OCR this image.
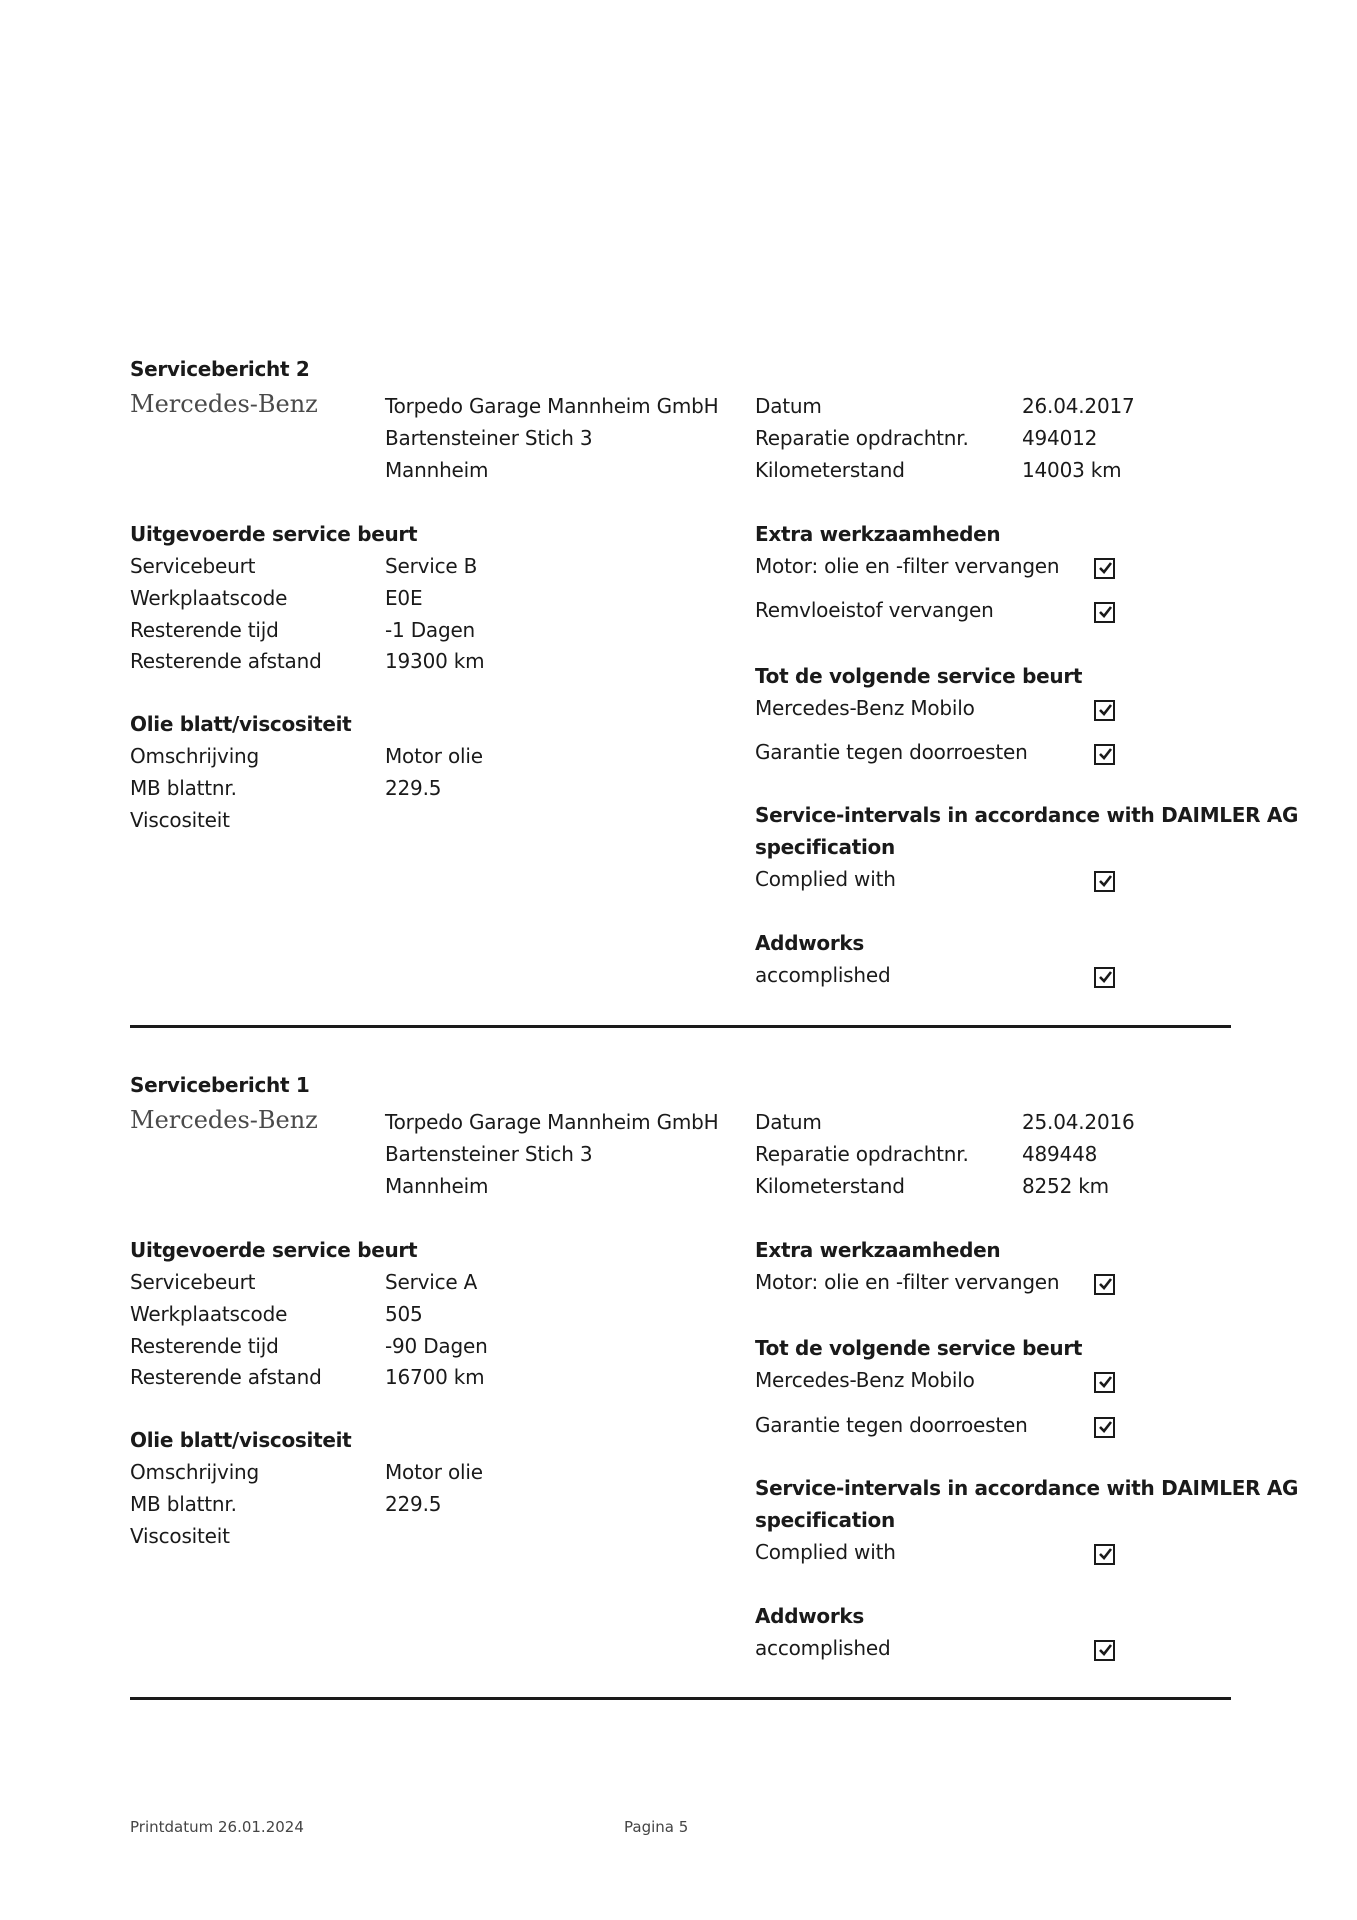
Servicebericht 2
Mercedes-Benz	Torpedo Garage Mannheim GmbH
Bartensteiner Stich 3
Mannheim
Datum	26.04.2017
Reparatie opdrachtnr.	494012
Kilometerstand	14003 km
Uitgevoerde service beurt
Servicebeurt	Service B
Werkplaatscode	E0E
Resterende tijd	-1 Dagen
Resterende afstand	19300 km
Olie blatt/viscositeit
Omschrijving	Motor olie
MB blattnr.	229.5
Viscositeit
Extra werkzaamheden
Motor: olie en -filter vervangen
Remvloeistof vervangen
Tot de volgende service beurt
Mercedes-Benz Mobilo
Garantie tegen doorroesten
Service-intervals in accordance with DAIMLER AG
specification
Complied with
Addworks
accomplished
Servicebericht 1
Mercedes-Benz	Torpedo Garage Mannheim GmbH
Bartensteiner Stich 3
Mannheim
Datum	25.04.2016
Reparatie opdrachtnr.	489448
Kilometerstand	8252 km
Uitgevoerde service beurt
Servicebeurt	Service A
Werkplaatscode	505
Resterende tijd	-90 Dagen
Resterende afstand	16700 km
Olie blatt/viscositeit
Omschrijving	Motor olie
MB blattnr.	229.5
Viscositeit
Extra werkzaamheden
Motor: olie en -filter vervangen
Tot de volgende service beurt
Mercedes-Benz Mobilo
Garantie tegen doorroesten
Service-intervals in accordance with DAIMLER AG
specification
Complied with
Addworks
accomplished
Printdatum 26.01.2024	Pagina 5
